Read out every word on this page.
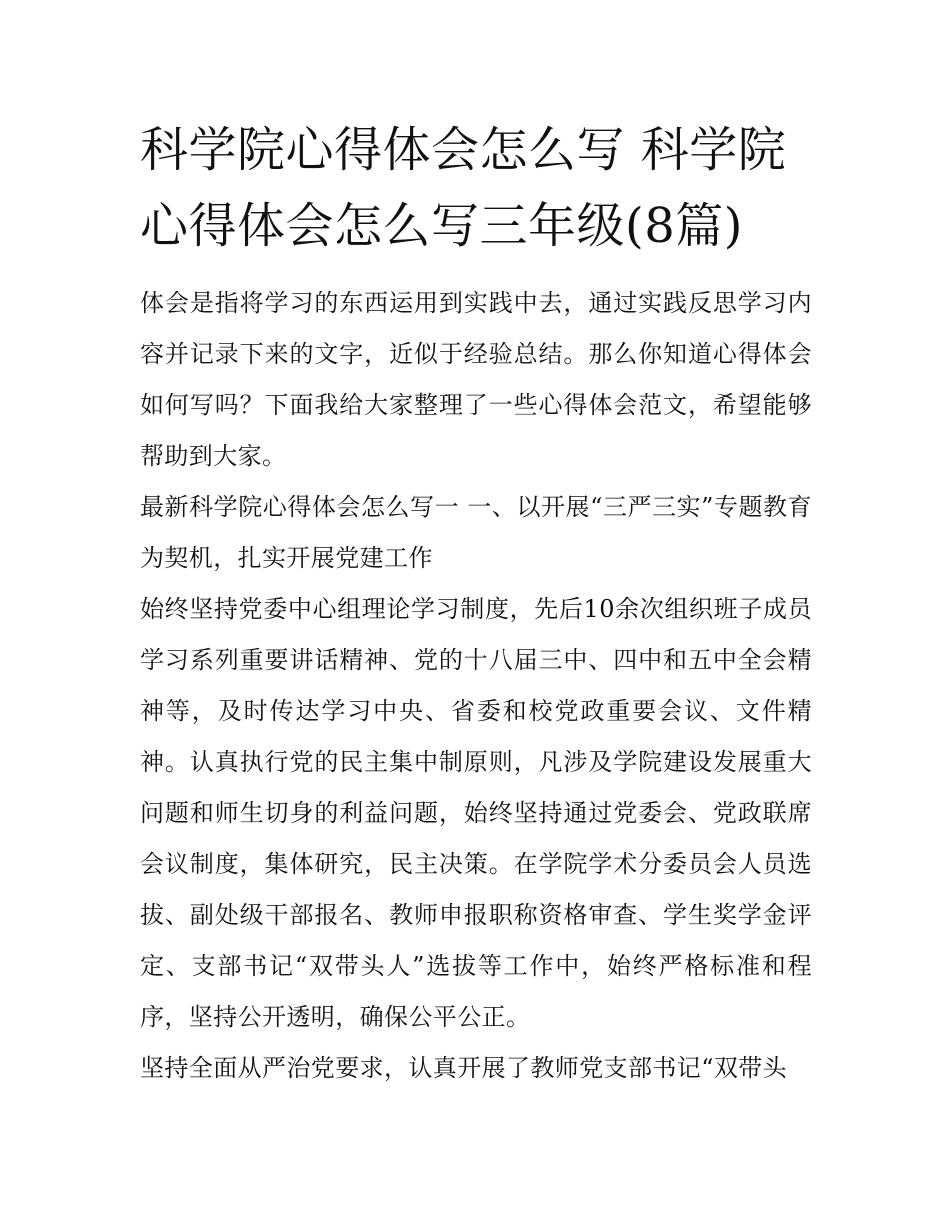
科学院心得体会怎么写 科学院心得体会怎么写三年级(8篇)

体会是指将学习的东西运用到实践中去，通过实践反思学习内容并记录下来的文字，近似于经验总结。那么你知道心得体会如何写吗？下面我给大家整理了一些心得体会范文，希望能够帮助到大家。

最新科学院心得体会怎么写一 一、以开展“三严三实”专题教育为契机，扎实开展党建工作

始终坚持党委中心组理论学习制度，先后10余次组织班子成员学习系列重要讲话精神、党的十八届三中、四中和五中全会精神等，及时传达学习中央、省委和校党政重要会议、文件精神。认真执行党的民主集中制原则，凡涉及学院建设发展重大问题和师生切身的利益问题，始终坚持通过党委会、党政联席会议制度，集体研究，民主决策。在学院学术分委员会人员选拔、副处级干部报名、教师申报职称资格审查、学生奖学金评定、支部书记“双带头人”选拔等工作中，始终严格标准和程序，坚持公开透明，确保公平公正。

坚持全面从严治党要求，认真开展了教师党支部书记“双带头
